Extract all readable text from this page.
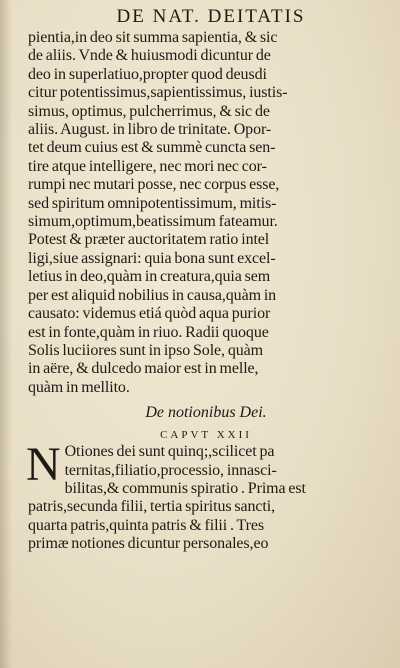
DE NAT. DEITATIS
pientia,in deo sit summa sapientia, & sic
de aliis. Vnde & huiusmodi dicuntur de
deo in superlatiuo,propter quod deusdi
citur potentissimus,sapientissimus, iustis-
simus, optimus, pulcherrimus, & sic de
aliis. August. in libro de trinitate. Opor-
tet deum cuius est & summè cuncta sen-
tire atque intelligere, nec mori nec cor-
rumpi nec mutari posse, nec corpus esse,
sed spiritum omnipotentissimum, mitis-
simum,optimum,beatissimum fateamur.
Potest & præter auctoritatem ratio intel
ligi,siue assignari: quia bona sunt excel-
letius in deo,quàm in creatura,quia sem
per est aliquid nobilius in causa,quàm in
causato: videmus etiá quòd aqua purior
est in fonte,quàm in riuo. Radii quoque
Solis luciiores sunt in ipso Sole, quàm
in aëre, & dulcedo maior est in melle,
quàm in mellito.
De notionibus Dei.
CAPVT XXII
N Otiones dei sunt quinq;,scilicet pa
ternitas,filiatio,processio, innasci-
bilitas,& communis spiratio . Prima est
patris,secunda filii, tertia spiritus sancti,
quarta patris,quinta patris & filii . Tres
primæ notiones dicuntur personales,eo
